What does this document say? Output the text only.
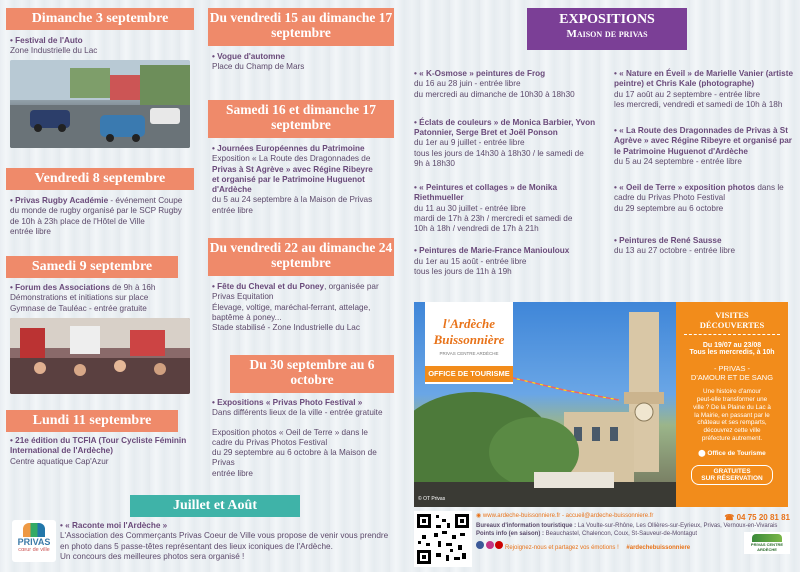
Dimanche 3 septembre
• Festival de l'Auto
Zone Industrielle du Lac
Vendredi 8 septembre
• Privas Rugby Académie - événement Coupe
du monde de rugby organisé par le SCP Rugby
de 10h à 23h place de l'Hôtel de Ville
entrée libre
Samedi 9 septembre
• Forum des Associations de 9h à 16h
Démonstrations et initiations sur place
Gymnase de Tauléac - entrée gratuite
Lundi 11 septembre
• 21e édition du TCFIA (Tour Cycliste Féminin International de l'Ardèche)
Centre aquatique Cap'Azur
Du vendredi 15 au dimanche 17 septembre
• Vogue d'automne
Place du Champ de Mars
Samedi 16 et dimanche 17 septembre
• Journées Européennes du Patrimoine
Exposition « La Route des Dragonnades de
Privas à St Agrève » avec Régine Ribeyre
et organisé par le Patrimoine Huguenot
d'Ardèche
du 5 au 24 septembre à la Maison de Privas
entrée libre
Du vendredi 22 au dimanche 24 septembre
• Fête du Cheval et du Poney, organisée par
Privas Equitation
Élevage, voltige, maréchal-ferrant, attelage,
baptême à poney...
Stade stabilisé - Zone Industrielle du Lac
Du 30 septembre au 6 octobre
• Expositions « Privas Photo Festival »
Dans différents lieux de la ville - entrée gratuite
Exposition photos « Oeil de Terre » dans le
cadre du Privas Photos Festival
du 29 septembre au 6 octobre à la Maison de Privas
entrée libre
Juillet et Août
PRIVAS
cœur de ville
• « Raconte moi l'Ardèche »
L'Association des Commerçants Privas Coeur de Ville vous propose de venir vous prendre
en photo dans 5 passe-têtes représentant des lieux iconiques de l'Ardèche.
Un concours des meilleures photos sera organisé !
EXPOSITIONS
Maison de privas
• « K-Osmose » peintures de Frog
du 16 au 28 juin - entrée libre
du mercredi au dimanche de 10h30 à 18h30
• Éclats de couleurs » de Monica Barbier, Yvon Patonnier, Serge Bret et Joël Ponson
du 1er au 9 juillet - entrée libre
tous les jours de 14h30 à 18h30 / le samedi de
9h à 18h30
• « Peintures et collages » de Monika Riethmueller
du 11 au 30 juillet - entrée libre
mardi de 17h à 23h / mercredi et samedi de
10h à 18h / vendredi de 17h à 21h
• Peintures de Marie-France Maniouloux
du 1er au 15 août - entrée libre
tous les jours de 11h à 19h
• « Nature en Éveil » de Marielle Vanier (artiste peintre) et Chris Kale (photographe)
du 17 août au 2 septembre - entrée libre
les mercredi, vendredi et samedi de 10h à 18h
• « La Route des Dragonnades de Privas à St Agrève » avec Régine Ribeyre et organisé par le Patrimoine Huguenot d'Ardèche
du 5 au 24 septembre - entrée libre
• « Oeil de Terre » exposition photos dans le
cadre du Privas Photo Festival
du 29 septembre au 6 octobre
• Peintures de René Sausse
du 13 au 27 octobre - entrée libre
© OT Privas
l'Ardèche
Buissonnière
PRIVAS CENTRE ARDÈCHE
OFFICE DE TOURISME
VISITES DÉCOUVERTES
Du 19/07 au 23/08
Tous les mercredis, à 10h
- PRIVAS -
D'AMOUR ET DE SANG
Une histoire d'amour
peut-elle transformer une
ville ? De la Plaine du Lac à
la Mairie, en passant par le
château et ses remparts,
découvrez cette ville
préfecture autrement.
⬤ Office de Tourisme
GRATUITES
SUR RÉSERVATION
◉ www.ardeche-buissonniere.fr - accueil@ardeche-buissonniere.fr	☎ 04 75 20 81 81
Bureaux d'information touristique : La Voulte-sur-Rhône, Les Ollières-sur-Eyrieux, Privas, Vernoux-en-Vivarais
Points info (en saison) : Beauchastel, Chalencon, Coux, St-Sauveur-de-Montagut
Rejoignez-nous et partagez vos émotions ! #ardechebuissonniere
PRIVAS CENTRE ARDÈCHE
